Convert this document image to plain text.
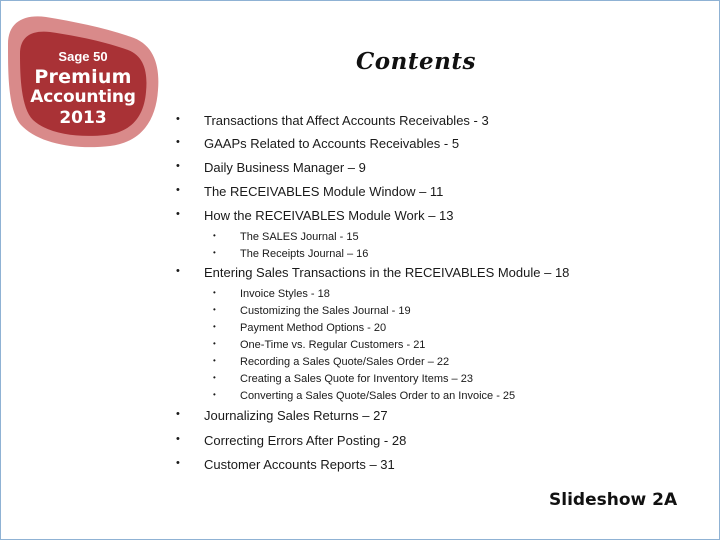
Sage 50
Premium
Accounting
2013
Contents
• Transactions that Affect Accounts Receivables - 3
• GAAPs Related to Accounts Receivables - 5
• Daily Business Manager – 9
• The RECEIVABLES Module Window – 11
• How the RECEIVABLES Module Work – 13
• The SALES Journal - 15
• The Receipts Journal – 16
• Entering Sales Transactions in the RECEIVABLES Module – 18
• Invoice Styles - 18
• Customizing the Sales Journal - 19
• Payment Method Options - 20
• One-Time vs. Regular Customers - 21
• Recording a Sales Quote/Sales Order – 22
• Creating a Sales Quote for Inventory Items – 23
• Converting a Sales Quote/Sales Order to an Invoice - 25
• Journalizing Sales Returns – 27
• Correcting Errors After Posting - 28
• Customer Accounts Reports – 31
Slideshow 2A
